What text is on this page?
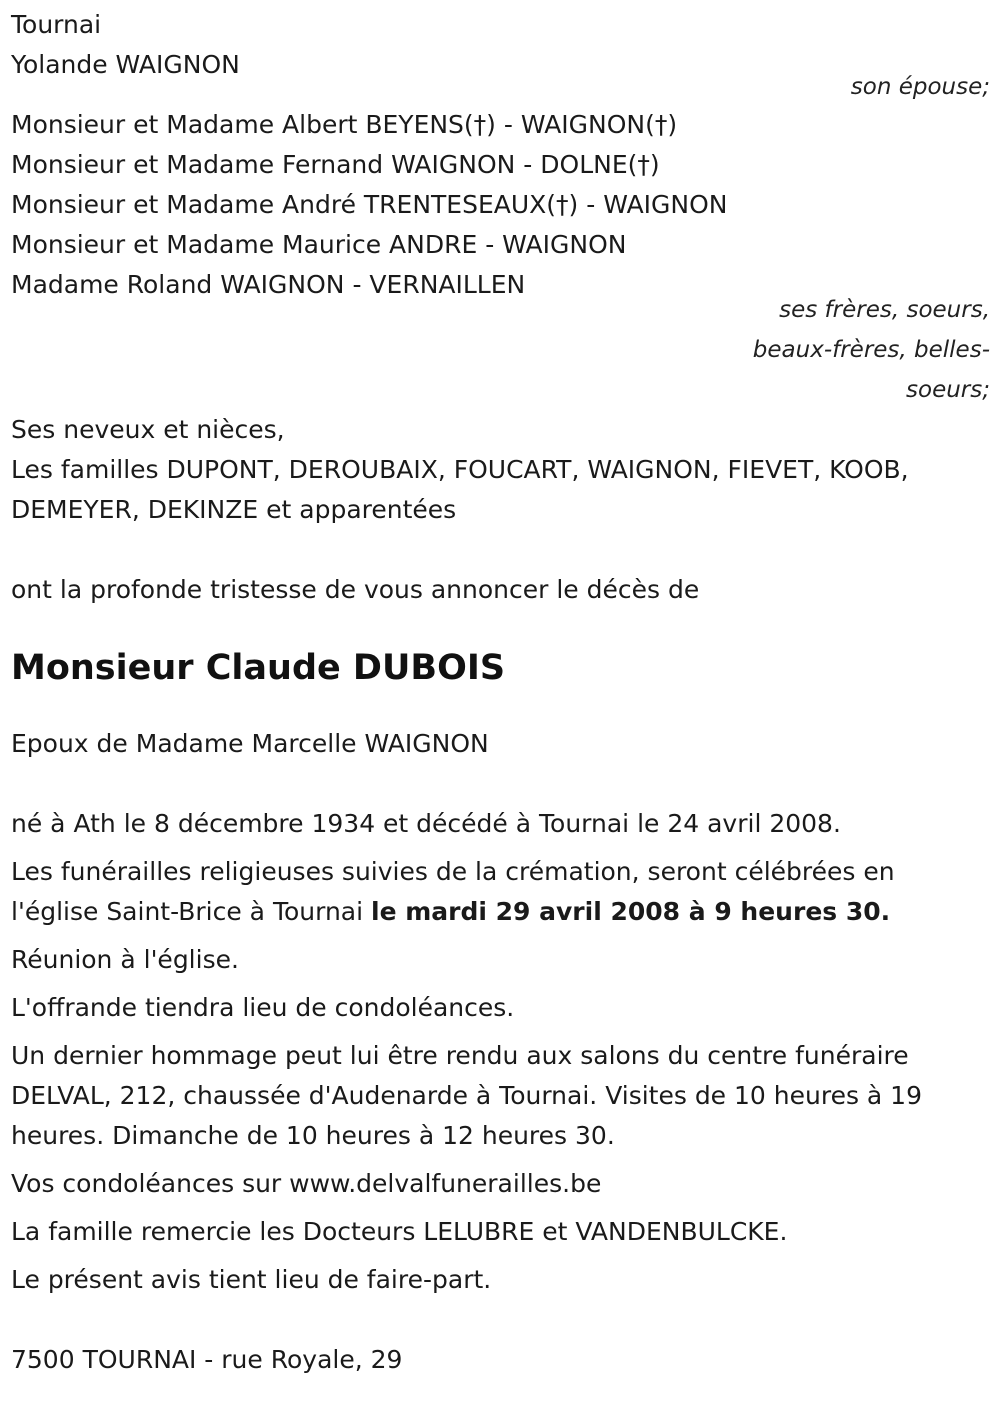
Tournai
Yolande WAIGNON
son épouse;
Monsieur et Madame Albert BEYENS(†) - WAIGNON(†)
Monsieur et Madame Fernand WAIGNON - DOLNE(†)
Monsieur et Madame André TRENTESEAUX(†) - WAIGNON
Monsieur et Madame Maurice ANDRE - WAIGNON
Madame Roland WAIGNON - VERNAILLEN
ses frères, soeurs,
beaux-frères, belles-
soeurs;
Ses neveux et nièces,
Les familles DUPONT, DEROUBAIX, FOUCART, WAIGNON, FIEVET, KOOB,
DEMEYER, DEKINZE et apparentées
ont la profonde tristesse de vous annoncer le décès de
Monsieur Claude DUBOIS
Epoux de Madame Marcelle WAIGNON
né à Ath le 8 décembre 1934 et décédé à Tournai le 24 avril 2008.
Les funérailles religieuses suivies de la crémation, seront célébrées en
l'église Saint-Brice à Tournai le mardi 29 avril 2008 à 9 heures 30.
Réunion à l'église.
L'offrande tiendra lieu de condoléances.
Un dernier hommage peut lui être rendu aux salons du centre funéraire
DELVAL, 212, chaussée d'Audenarde à Tournai. Visites de 10 heures à 19
heures. Dimanche de 10 heures à 12 heures 30.
Vos condoléances sur www.delvalfunerailles.be
La famille remercie les Docteurs LELUBRE et VANDENBULCKE.
Le présent avis tient lieu de faire-part.
7500 TOURNAI - rue Royale, 29
